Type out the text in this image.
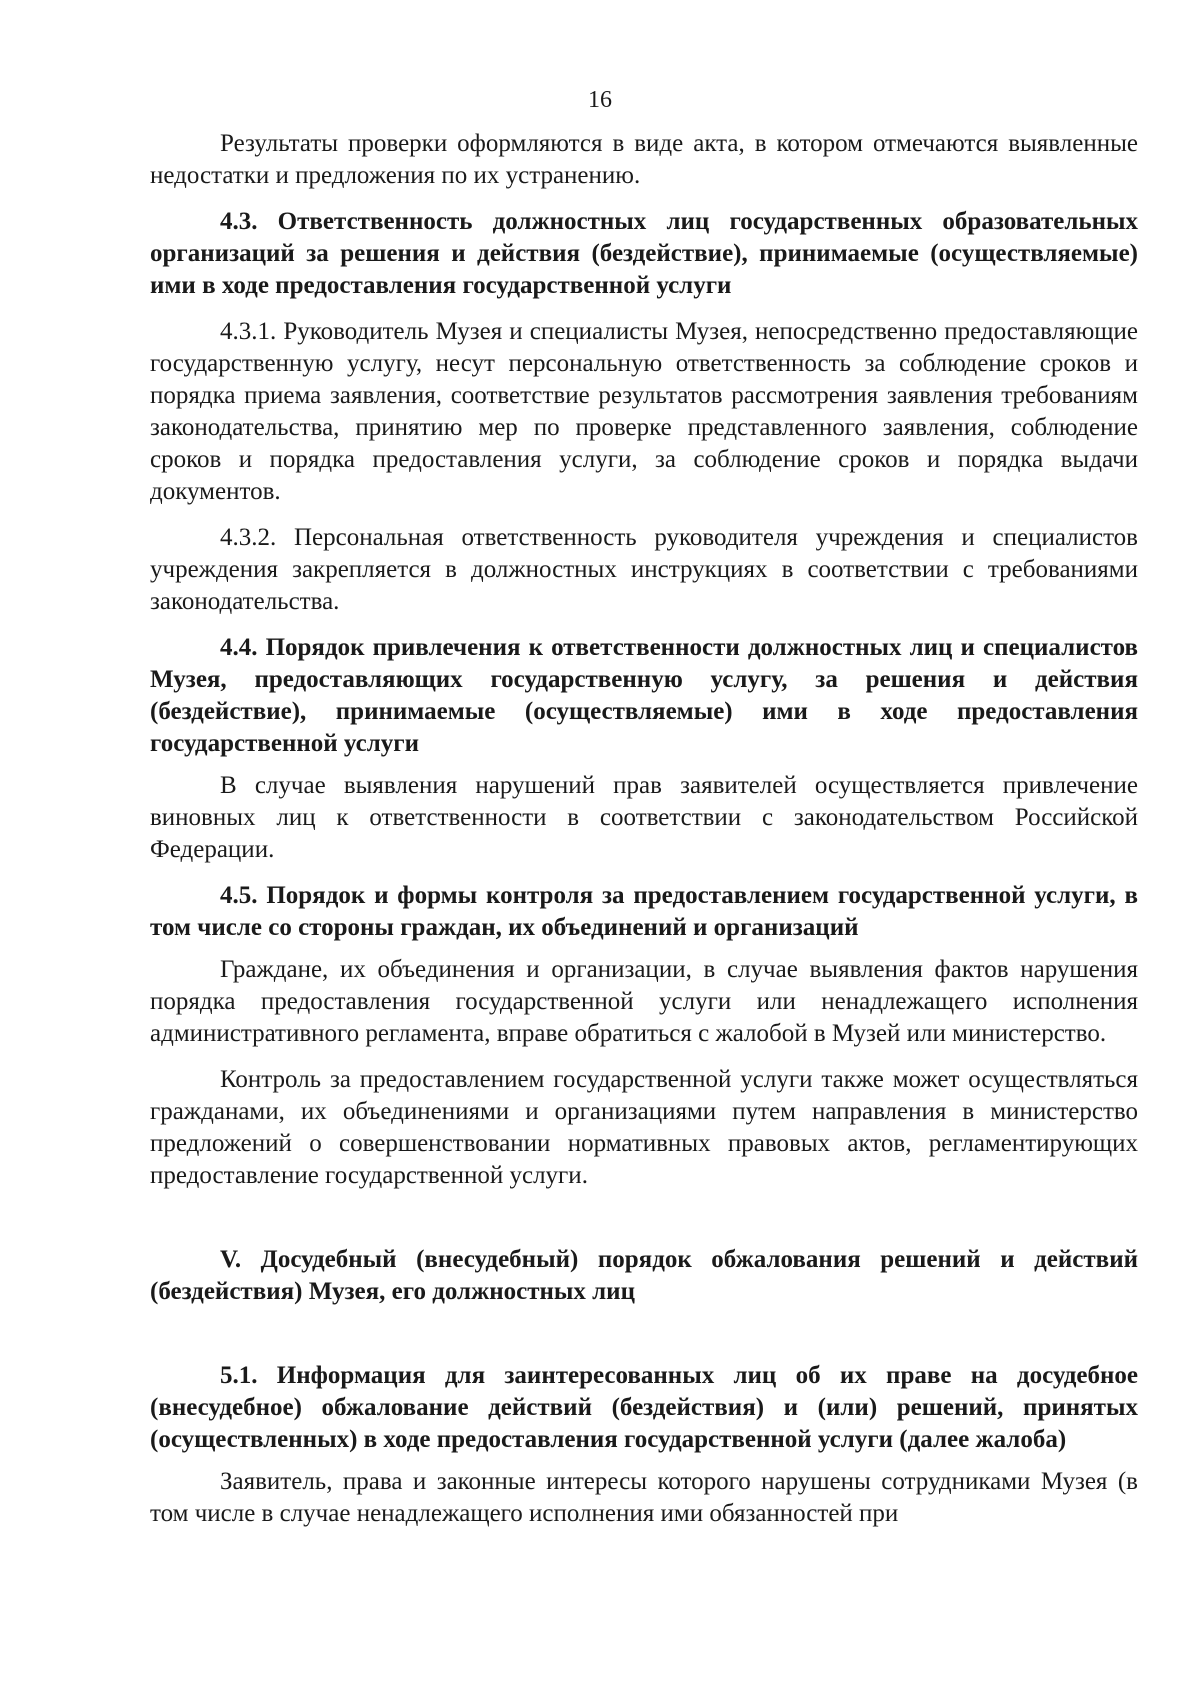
16

Результаты проверки оформляются в виде акта, в котором отмечаются выявленные недостатки и предложения по их устранению.

4.3. Ответственность должностных лиц государственных образовательных организаций за решения и действия (бездействие), принимаемые (осуществляемые) ими в ходе предоставления государственной услуги

4.3.1. Руководитель Музея и специалисты Музея, непосредственно предоставляющие государственную услугу, несут персональную ответственность за соблюдение сроков и порядка приема заявления, соответствие результатов рассмотрения заявления требованиям законодательства, принятию мер по проверке представленного заявления, соблюдение сроков и порядка предоставления услуги, за соблюдение сроков и порядка выдачи документов.

4.3.2. Персональная ответственность руководителя учреждения и специалистов учреждения закрепляется в должностных инструкциях в соответствии с требованиями законодательства.

4.4. Порядок привлечения к ответственности должностных лиц и специалистов Музея, предоставляющих государственную услугу, за решения и действия (бездействие), принимаемые (осуществляемые) ими в ходе предоставления государственной услуги

В случае выявления нарушений прав заявителей осуществляется привлечение виновных лиц к ответственности в соответствии с законодательством Российской Федерации.

4.5. Порядок и формы контроля за предоставлением государственной услуги, в том числе со стороны граждан, их объединений и организаций

Граждане, их объединения и организации, в случае выявления фактов нарушения порядка предоставления государственной услуги или ненадлежащего исполнения административного регламента, вправе обратиться с жалобой в Музей или министерство.

Контроль за предоставлением государственной услуги также может осуществляться гражданами, их объединениями и организациями путем направления в министерство предложений о совершенствовании нормативных правовых актов, регламентирующих предоставление государственной услуги.

V. Досудебный (внесудебный) порядок обжалования решений и действий (бездействия) Музея, его должностных лиц

5.1. Информация для заинтересованных лиц об их праве на досудебное (внесудебное) обжалование действий (бездействия) и (или) решений, принятых (осуществленных) в ходе предоставления государственной услуги (далее жалоба)

Заявитель, права и законные интересы которого нарушены сотрудниками Музея (в том числе в случае ненадлежащего исполнения ими обязанностей при
